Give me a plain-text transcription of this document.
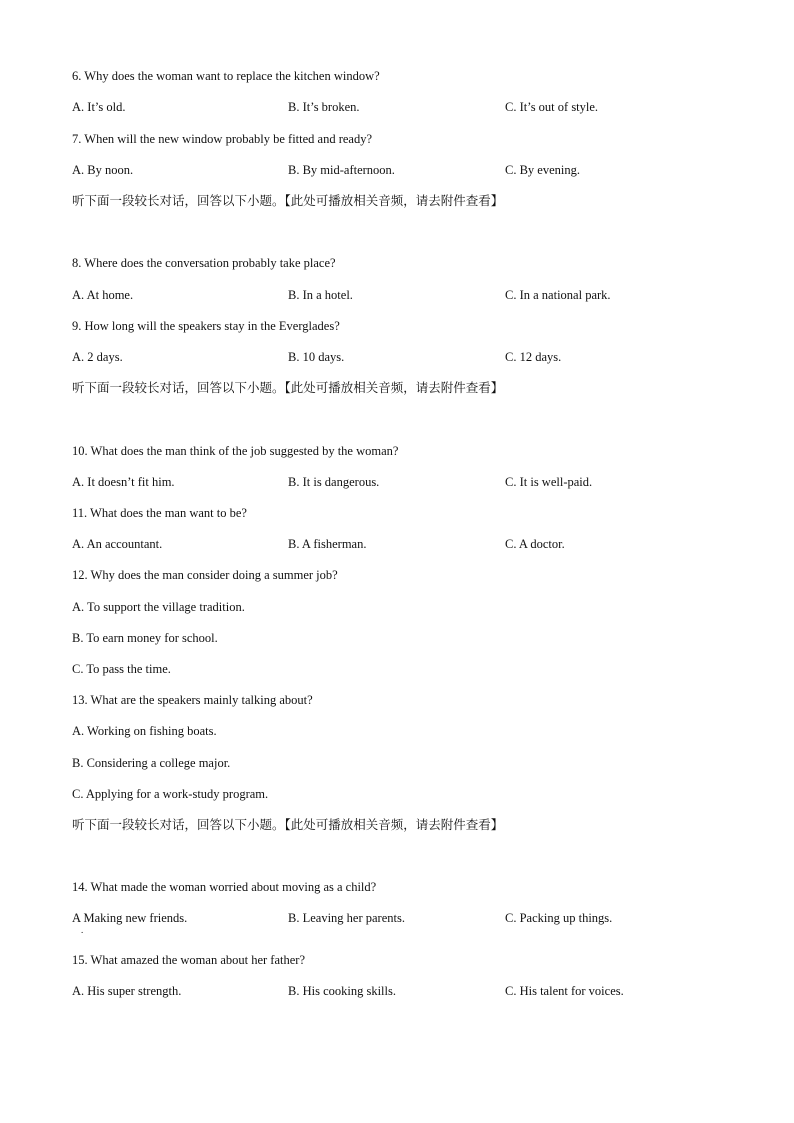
6. Why does the woman want to replace the kitchen window?
A. It’s old.	B. It’s broken.	C. It’s out of style.
7. When will the new window probably be fitted and ready?
A. By noon.	B. By mid-afternoon.	C. By evening.
听下面一段较长对话，回答以下小题。【此处可播放相关音频，请去附件查看】
8. Where does the conversation probably take place?
A. At home.	B. In a hotel.	C. In a national park.
9. How long will the speakers stay in the Everglades?
A. 2 days.	B. 10 days.	C. 12 days.
听下面一段较长对话，回答以下小题。【此处可播放相关音频，请去附件查看】
10. What does the man think of the job suggested by the woman?
A. It doesn’t fit him.	B. It is dangerous.	C. It is well-paid.
11. What does the man want to be?
A. An accountant.	B. A fisherman.	C. A doctor.
12. Why does the man consider doing a summer job?
A. To support the village tradition.
B. To earn money for school.
C. To pass the time.
13. What are the speakers mainly talking about?
A. Working on fishing boats.
B. Considering a college major.
C. Applying for a work-study program.
听下面一段较长对话，回答以下小题。【此处可播放相关音频，请去附件查看】
14. What made the woman worried about moving as a child?
A Making new friends.
.
B. Leaving her parents.	C. Packing up things.
15. What amazed the woman about her father?
A. His super strength.	B. His cooking skills.	C. His talent for voices.
